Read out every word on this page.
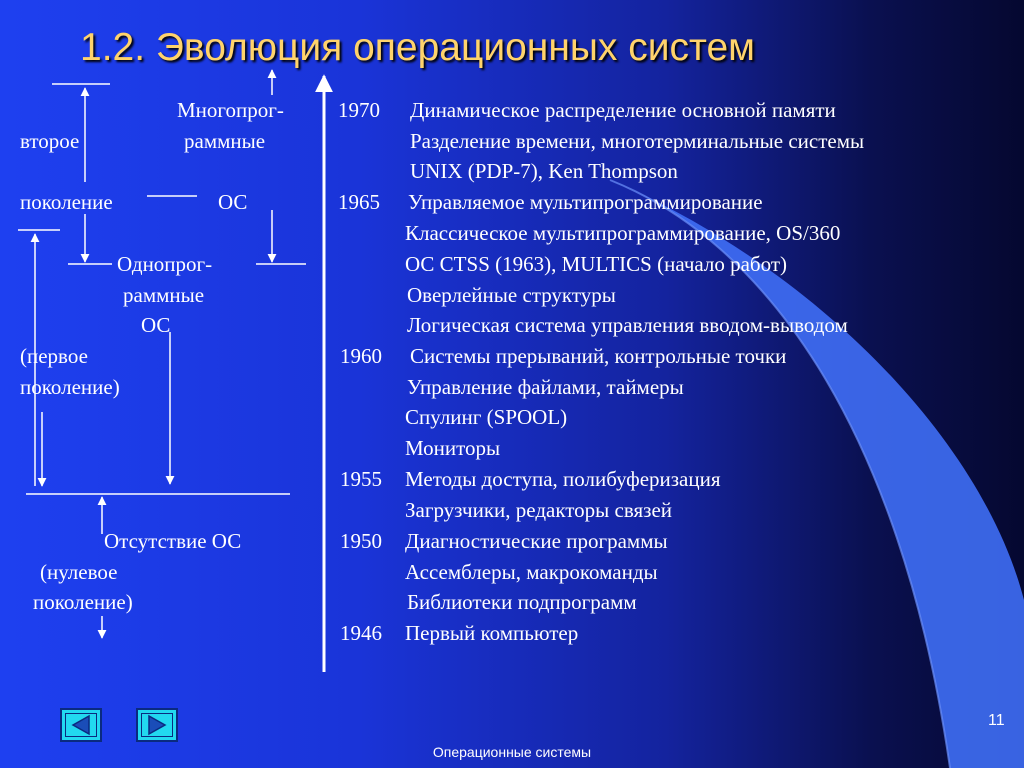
1.2. Эволюция операционных систем
Многопрог-
раммные
второе
поколение	ОС
Однопрог-
раммные
ОС
(первое
поколение)
Отсутствие ОС
(нулевое
поколение)
1970
1965
1960
1955
1950
1946
Динамическое распределение основной памяти
Разделение времени, многотерминальные системы
UNIX (PDP-7), Ken Thompson
Управляемое мультипрограммирование
Классическое мультипрограммирование, OS/360
ОС CTSS (1963), MULTICS (начало работ)
Оверлейные структуры
Логическая система управления вводом-выводом
Системы прерываний, контрольные точки
Управление файлами, таймеры
Спулинг (SPOOL)
Мониторы
Методы доступа, полибуферизация
Загрузчики, редакторы связей
Диагностические программы
Ассемблеры, макрокоманды
Библиотеки подпрограмм
Первый компьютер
11
Операционные системы
